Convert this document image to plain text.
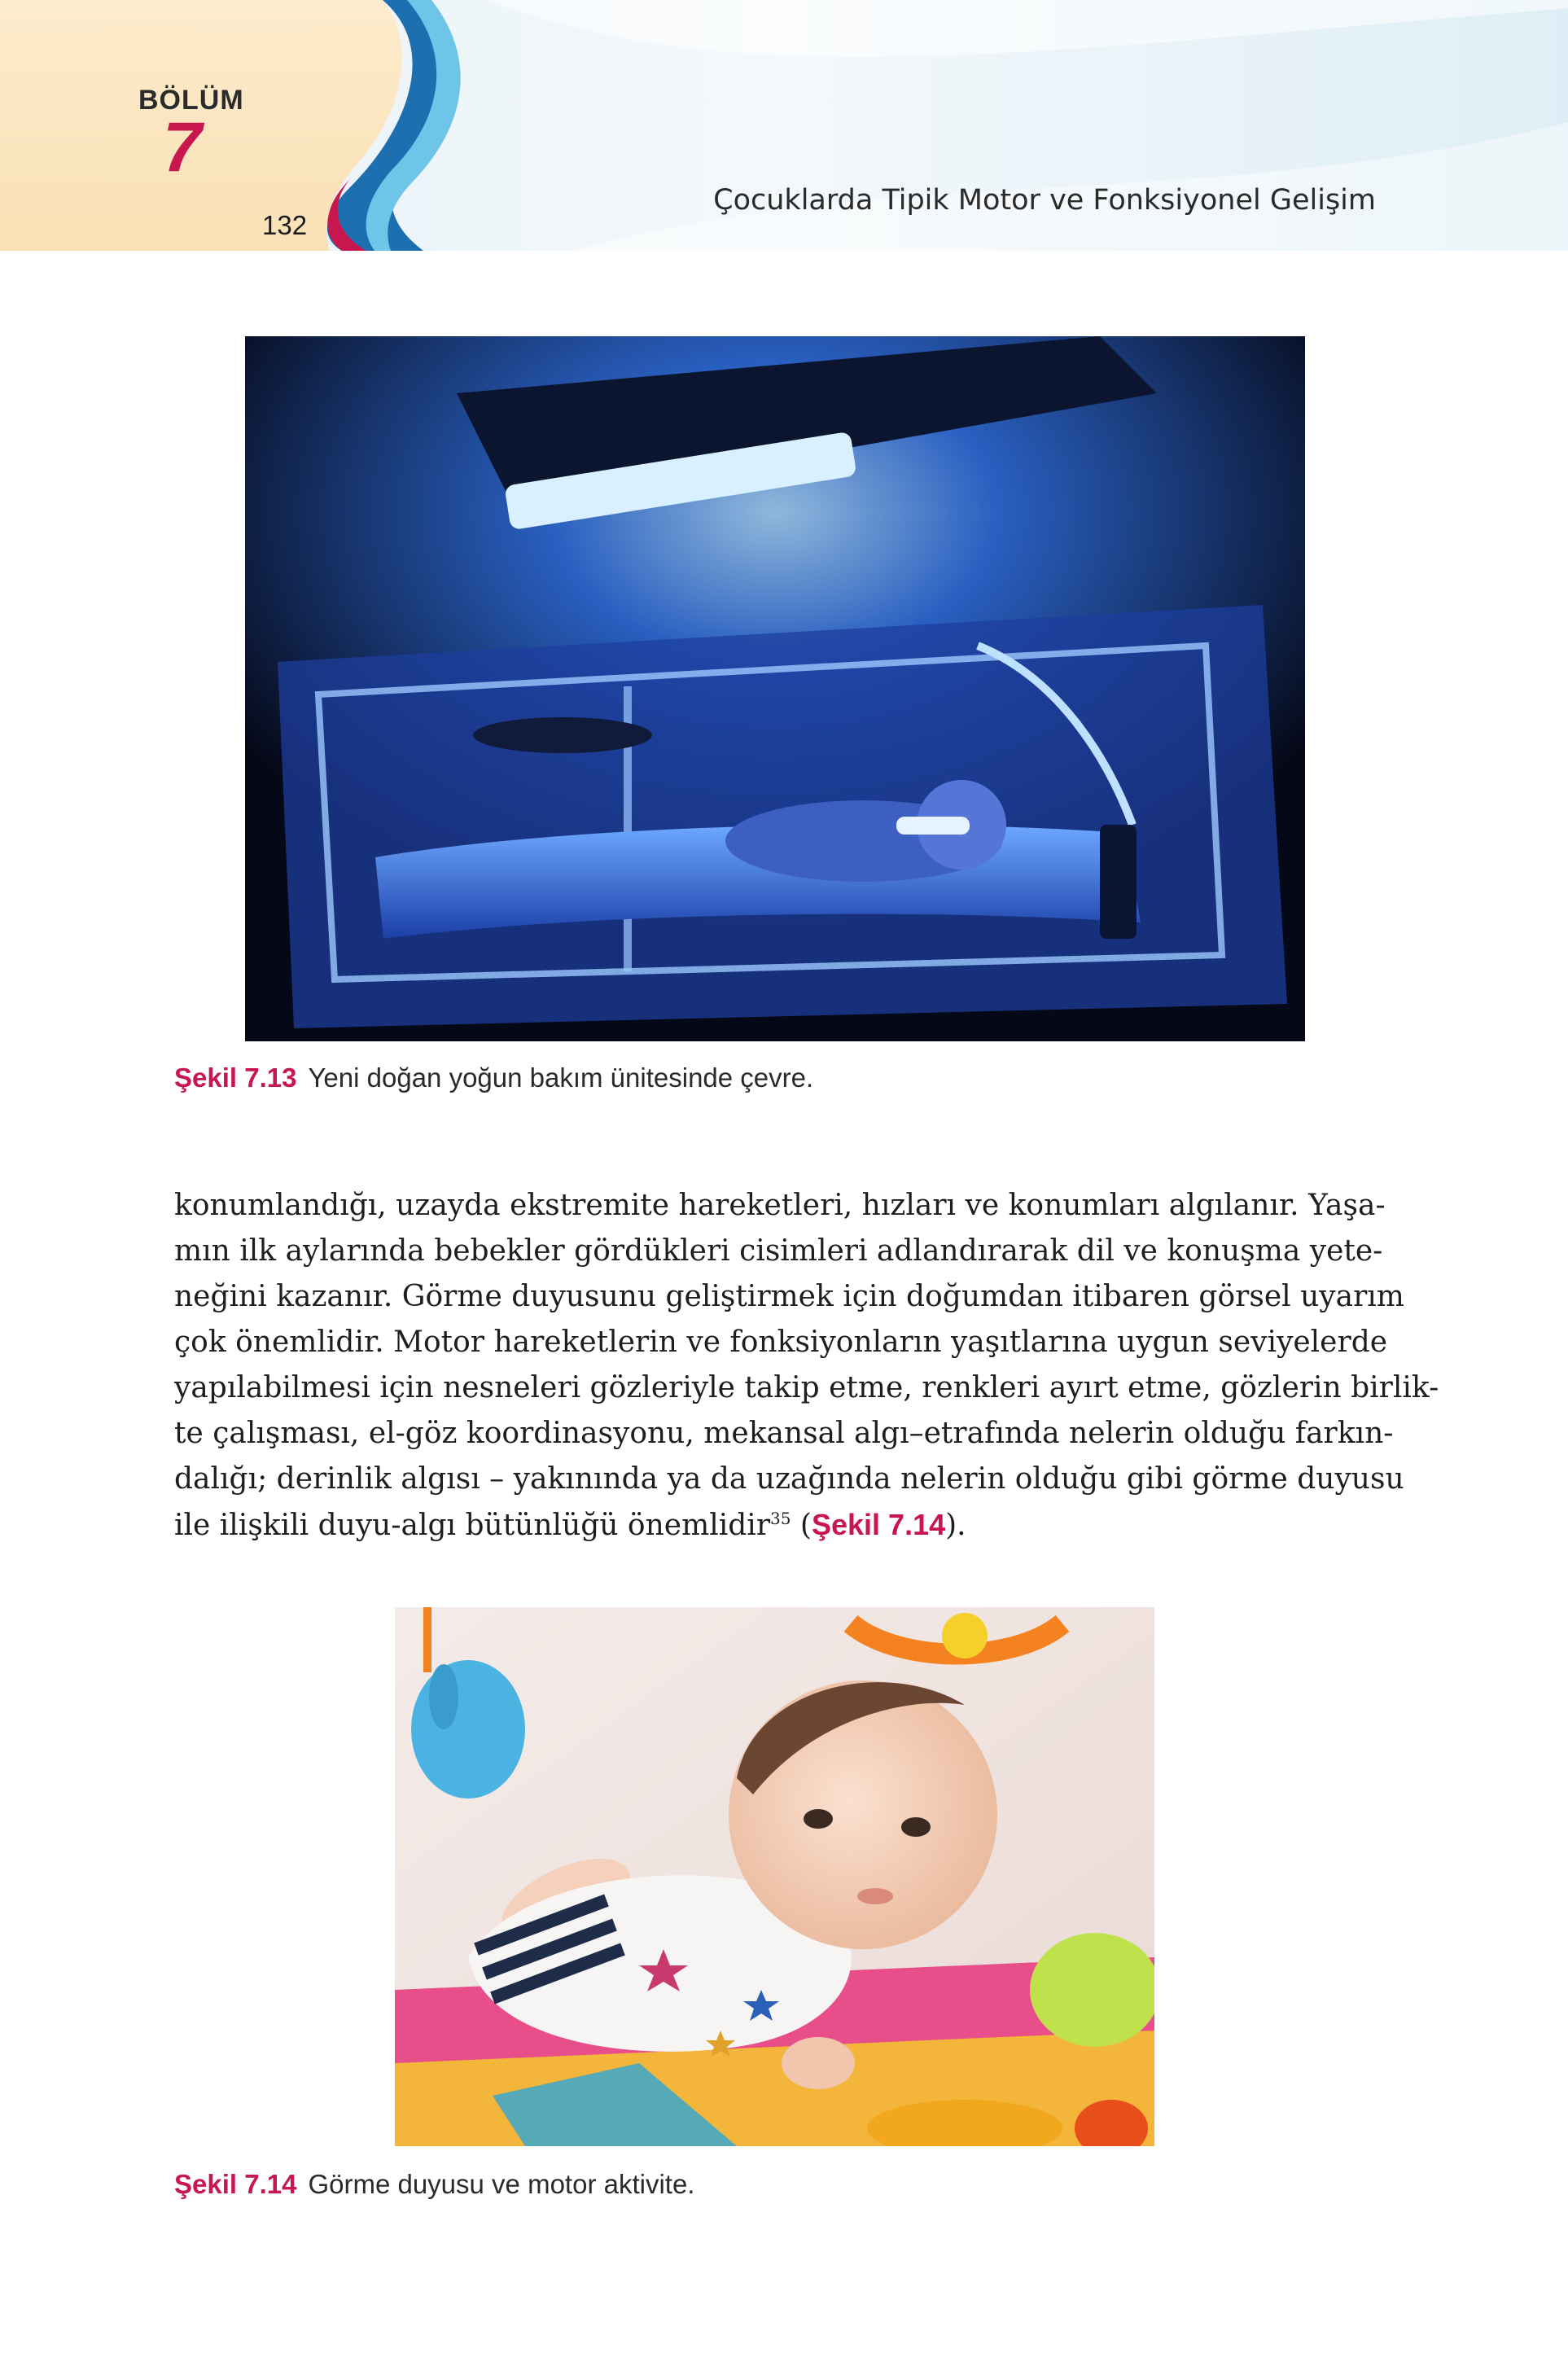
BÖLÜM
7
132
Çocuklarda Tipik Motor ve Fonksiyonel Gelişim
Şekil 7.13 Yeni doğan yoğun bakım ünitesinde çevre.
konumlandığı, uzayda ekstremite hareketleri, hızları ve konumları algılanır. Yaşa-
mın ilk aylarında bebekler gördükleri cisimleri adlandırarak dil ve konuşma yete-
neğini kazanır. Görme duyusunu geliştirmek için doğumdan itibaren görsel uyarım
çok önemlidir. Motor hareketlerin ve fonksiyonların yaşıtlarına uygun seviyelerde
yapılabilmesi için nesneleri gözleriyle takip etme, renkleri ayırt etme, gözlerin birlik-
te çalışması, el-göz koordinasyonu, mekansal algı–etrafında nelerin olduğu farkın-
dalığı; derinlik algısı – yakınında ya da uzağında nelerin olduğu gibi görme duyusu
ile ilişkili duyu-algı bütünlüğü önemlidir$^{35}$ (Şekil 7.14).
Şekil 7.14 Görme duyusu ve motor aktivite.
